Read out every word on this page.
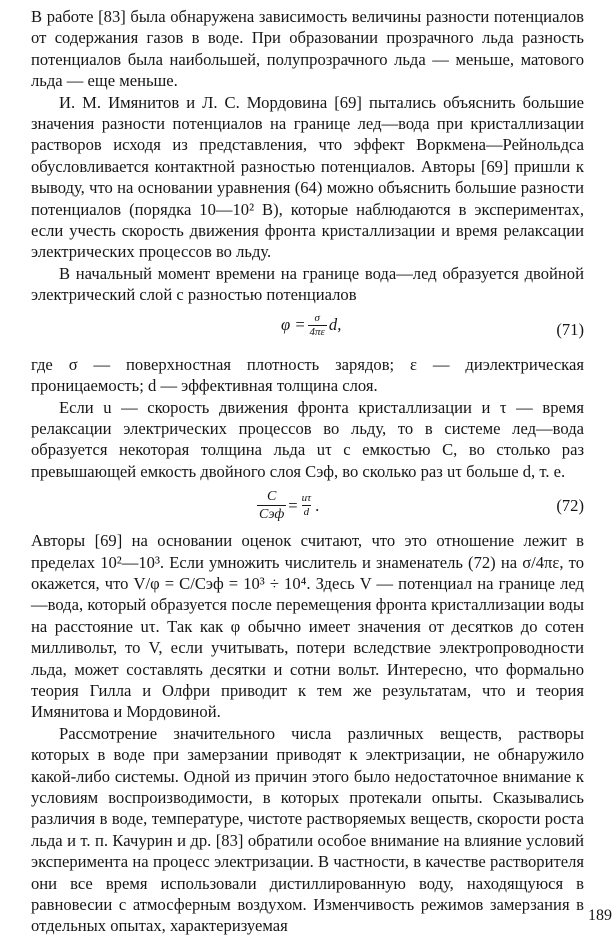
В работе [83] была обнаружена зависимость величины разности потенциалов от содержания газов в воде. При образовании прозрачного льда разность потенциалов была наибольшей, полупрозрачного льда — меньше, матового льда — еще меньше.

И. М. Имянитов и Л. С. Мордовина [69] пытались объяснить большие значения разности потенциалов на границе лед—вода при кристаллизации растворов исходя из представления, что эффект Воркмена—Рейнольдса обусловливается контактной разностью потенциалов. Авторы [69] пришли к выводу, что на основании уравнения (64) можно объяснить большие разности потенциалов (порядка 10—10² В), которые наблюдаются в экспериментах, если учесть скорость движения фронта кристаллизации и время релаксации электрических процессов во льду.

В начальный момент времени на границе вода—лед образуется двойной электрический слой с разностью потенциалов

$\varphi = \frac{\sigma}{4\pi\varepsilon} d$,	(71)

где σ — поверхностная плотность зарядов; ε — диэлектрическая проницаемость; d — эффективная толщина слоя.

Если u — скорость движения фронта кристаллизации и τ — время релаксации электрических процессов во льду, то в системе лед—вода образуется некоторая толщина льда uτ с емкостью C, во столько раз превышающей емкость двойного слоя Cэф, во сколько раз uτ больше d, т. е.

$\frac{C}{\text{Cэф}} = \frac{u\tau}{d}$ .	(72)

Авторы [69] на основании оценок считают, что это отношение лежит в пределах 10²—10³. Если умножить числитель и знаменатель (72) на σ/4πε, то окажется, что V/φ = C/Cэф = 10³ ÷ 10⁴. Здесь V — потенциал на границе лед—вода, который образуется после перемещения фронта кристаллизации воды на расстояние uτ. Так как φ обычно имеет значения от десятков до сотен милливольт, то V, если учитывать, потери вследствие электропроводности льда, может составлять десятки и сотни вольт. Интересно, что формально теория Гилла и Олфри приводит к тем же результатам, что и теория Имянитова и Мордовиной.

Рассмотрение значительного числа различных веществ, растворы которых в воде при замерзании приводят к электризации, не обнаружило какой-либо системы. Одной из причин этого было недостаточное внимание к условиям воспроизводимости, в которых протекали опыты. Сказывались различия в воде, температуре, чистоте растворяемых веществ, скорости роста льда и т. п. Качурин и др. [83] обратили особое внимание на влияние условий эксперимента на процесс электризации. В частности, в качестве растворителя они все время использовали дистиллированную воду, находящуюся в равновесии с атмосферным воздухом. Изменчивость режимов замерзания в отдельных опытах, характеризуемая

189
